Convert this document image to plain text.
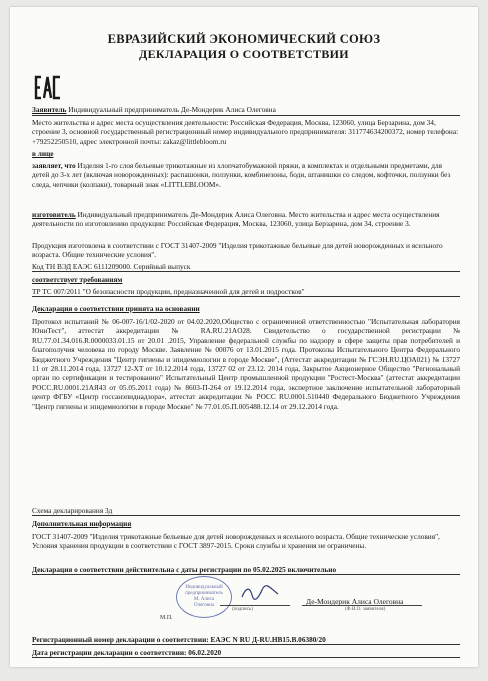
ЕВРАЗИЙСКИЙ ЭКОНОМИЧЕСКИЙ СОЮЗ
ДЕКЛАРАЦИЯ О СООТВЕТСТВИИ
Заявитель Индивидуальный предприниматель Де-Мондерик Алиса Олеговна
Место жительства и адрес места осуществления деятельности: Российская Федерация, Москва, 123060, улица Берзарина, дом 34, строение 3, основной государственный регистрационный номер индивидуального предпринимателя: 311774634200372, номер телефона: +79252250510, адрес электронной почты: zakaz@littlebloom.ru
в лице
заявляет, что Изделия 1-го слоя бельевые трикотажные из хлопчатобумажной пряжи, в комплектах и отдельными предметами, для детей до 3-х лет (включая новорожденных): распашонки, ползунки, комбинезоны, боди, штанишки со следом, кофточки, ползунки без следа, чепчики (колпаки), товарный знак «LITTLEBLOOM».
изготовитель Индивидуальный предприниматель Де-Мондерик Алиса Олеговна. Место жительства и адрес места осуществления деятельности по изготовлению продукции: Российская Федерация, Москва, 123060, улица Берзарина, дом 34, строение 3.
Продукция изготовлена в соответствии с ГОСТ 31407-2009 "Изделия трикотажные бельевые для детей новорожденных и ясельного возраста. Общие технические условия".
Код ТН ВЭД ЕАЭС 6111209000. Серийный выпуск
соответствует требованиям
ТР ТС 007/2011 "О безопасности продукции, предназначенной для детей и подростков"
Декларация о соответствии принята на основании
Протокол испытаний № 06-007-16/1/02-2020 от 04.02.2020,Общество с ограниченной ответственностью "Испытательная лаборатория ЮниТест", аттестат аккредитации № RA.RU.21AO28. Свидетельство о государственной регистрации № RU.77.01.34.016.R.0000033.01.15 от 20.01 .2015, Управление федеральной службы по надзору в сфере защиты прав потребителей и благополучия человека по городу Москве. Заявление № 00076 от 13.01.2015 года. Протоколы Испытательного Центра Федерального Бюджетного Учреждения "Центр гигиены и эпидемиологии в городе Москве", (Аттестат аккредитации № ГСЭН.RU.ЦОА021) № 13727 11 от 28.11.2014 года, 13727 12-ХТ от 10.12.2014 года, 13727 02 от 23.12. 2014 года, Закрытое Акционерное Общество "Региональный орган по сертификации и тестированию" Испытательный Центр промышленной продукции "Ростест-Москва" (аттестат аккредитации РОСС.RU.0001.21АЯ43 от 05.05.2011 года) № 8603-П-264 от 19.12.2014 года, экспертное заключение испытательной лабораторный центр ФГБУ «Центр госсанэпиднадзора», аттестат аккредитации № РОСС RU.0001.510440 Федерального Бюджетного Учреждения "Центр гигиены и эпидемиологии в городе Москве" № 77.01.05.П.005488.12.14 от 29.12.2014 года.
Схема декларирования 3д
Дополнительная информация
ГОСТ 31407-2009 "Изделия трикотажные бельевые для детей новорожденных и ясельного возраста. Общие технические условия", Условия хранения продукции в соответствии с ГОСТ 3897-2015. Сроки службы и хранения не ограничены.
Декларация о соответствии действительна с даты регистрации по 05.02.2025 включительно
Индивидуальный
предприниматель
М. Алиса
Олеговна
(подпись)
Де-Мондерик Алиса Олеговна
(Ф.И.О. заявителя)
М.П.
Регистрационный номер декларации о соответствии: ЕАЭС N RU Д-RU.НВ15.В.06380/20
Дата регистрации декларации о соответствии: 06.02.2020
